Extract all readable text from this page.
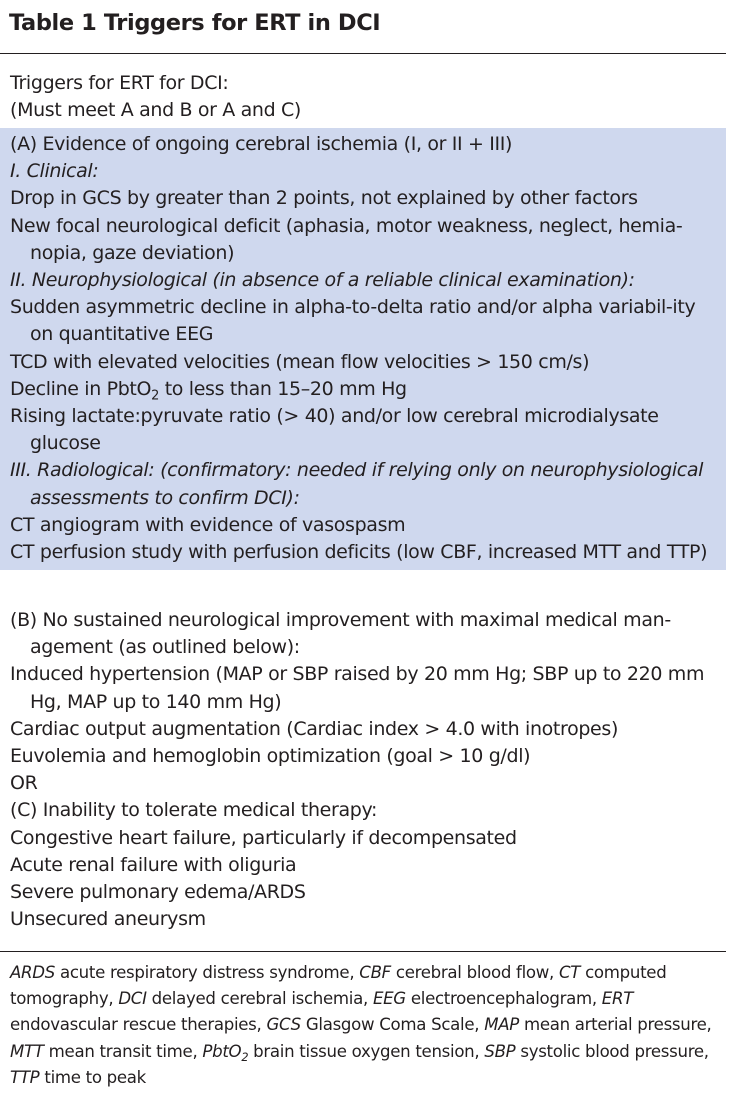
Table 1 Triggers for ERT in DCI
Triggers for ERT for DCI:
(Must meet A and B or A and C)
(A) Evidence of ongoing cerebral ischemia (I, or II + III)
I. Clinical:
Drop in GCS by greater than 2 points, not explained by other factors
New focal neurological deficit (aphasia, motor weakness, neglect, hemia-nopia, gaze deviation)
II. Neurophysiological (in absence of a reliable clinical examination):
Sudden asymmetric decline in alpha-to-delta ratio and/or alpha variabil-ity on quantitative EEG
TCD with elevated velocities (mean flow velocities > 150 cm/s)
Decline in PbtO$_2$ to less than 15–20 mm Hg
Rising lactate:pyruvate ratio (> 40) and/or low cerebral microdialysate glucose
III. Radiological: (confirmatory: needed if relying only on neurophysiological assessments to confirm DCI):
CT angiogram with evidence of vasospasm
CT perfusion study with perfusion deficits (low CBF, increased MTT and TTP)
(B) No sustained neurological improvement with maximal medical man-agement (as outlined below):
Induced hypertension (MAP or SBP raised by 20 mm Hg; SBP up to 220 mm Hg, MAP up to 140 mm Hg)
Cardiac output augmentation (Cardiac index > 4.0 with inotropes)
Euvolemia and hemoglobin optimization (goal > 10 g/dl)
OR
(C) Inability to tolerate medical therapy:
Congestive heart failure, particularly if decompensated
Acute renal failure with oliguria
Severe pulmonary edema/ARDS
Unsecured aneurysm
ARDS acute respiratory distress syndrome, CBF cerebral blood flow, CT computed tomography, DCI delayed cerebral ischemia, EEG electroencephalogram, ERT endovascular rescue therapies, GCS Glasgow Coma Scale, MAP mean arterial pressure, MTT mean transit time, PbtO$_2$ brain tissue oxygen tension, SBP systolic blood pressure, TTP time to peak
